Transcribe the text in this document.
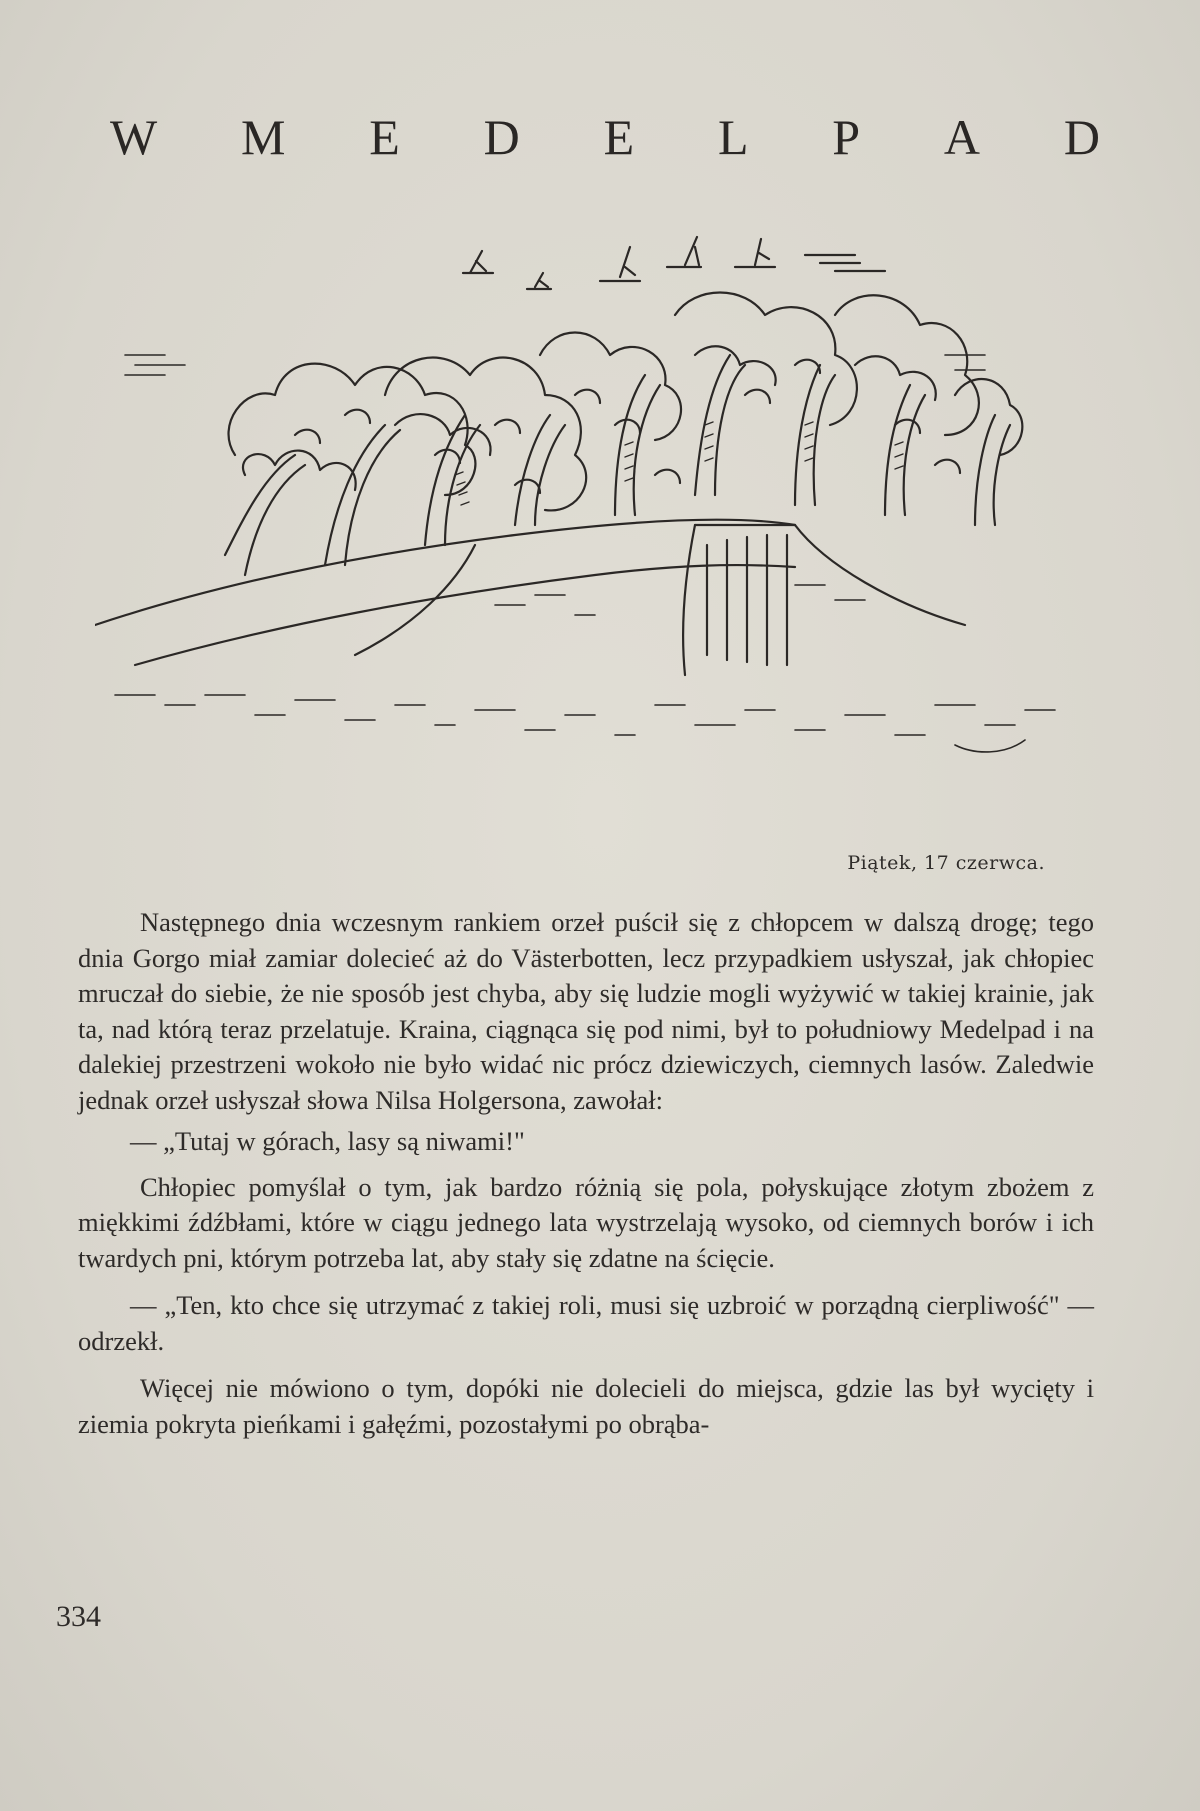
W M E D E L P A D
Piątek, 17 czerwca.

Następnego dnia wczesnym rankiem orzeł puścił się z chłopcem w dalszą drogę; tego dnia Gorgo miał zamiar dolecieć aż do Västerbotten, lecz przypadkiem usłyszał, jak chłopiec mruczał do siebie, że nie sposób jest chyba, aby się ludzie mogli wyżywić w takiej krainie, jak ta, nad którą teraz przelatuje. Kraina, ciągnąca się pod nimi, był to południowy Medelpad i na dalekiej przestrzeni wokoło nie było widać nic prócz dziewiczych, ciemnych lasów. Zaledwie jednak orzeł usłyszał słowa Nilsa Holgersona, zawołał:

— „Tutaj w górach, lasy są niwami!"

Chłopiec pomyślał o tym, jak bardzo różnią się pola, połyskujące złotym zbożem z miękkimi źdźbłami, które w ciągu jednego lata wystrzelają wysoko, od ciemnych borów i ich twardych pni, którym potrzeba lat, aby stały się zdatne na ścięcie.

— „Ten, kto chce się utrzymać z takiej roli, musi się uzbroić w porządną cierpliwość" — odrzekł.

Więcej nie mówiono o tym, dopóki nie dolecieli do miejsca, gdzie las był wycięty i ziemia pokryta pieńkami i gałęźmi, pozostałymi po obrąba-

334
